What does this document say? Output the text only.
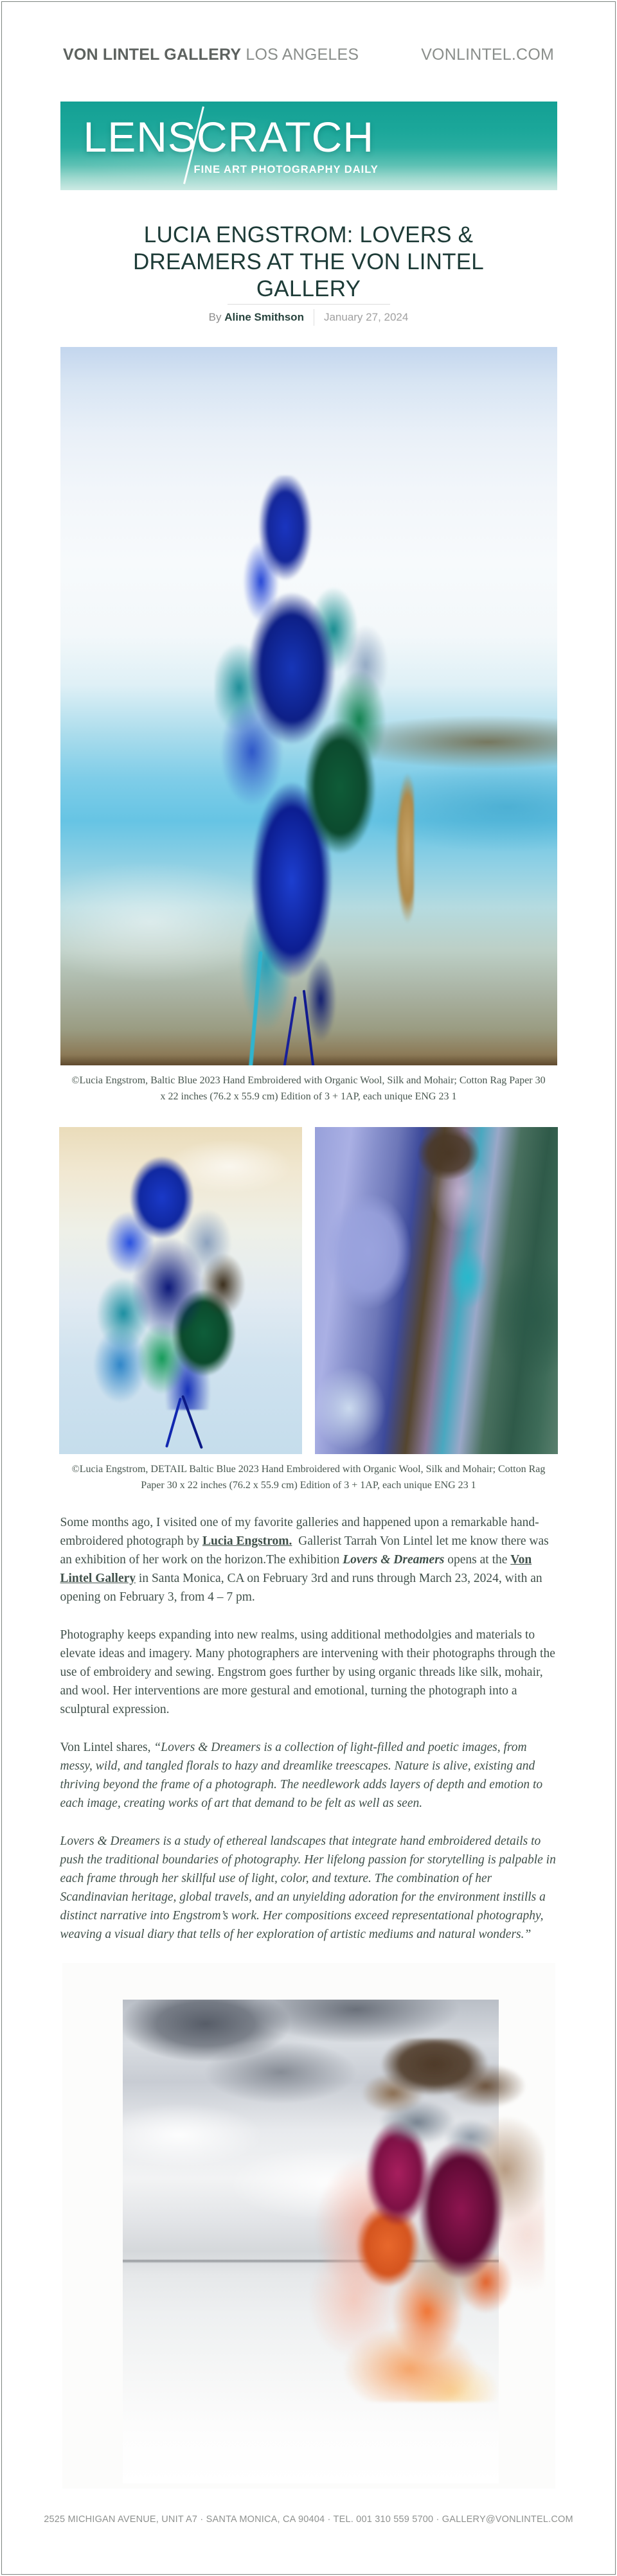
VON LINTEL GALLERY LOS ANGELES	VONLINTEL.COM
LENSCRATCH
FINE ART PHOTOGRAPHY DAILY
LUCIA ENGSTROM: LOVERS &
DREAMERS AT THE VON LINTEL
GALLERY
By Aline Smithson January 27, 2024
©Lucia Engstrom, Baltic Blue 2023 Hand Embroidered with Organic Wool, Silk and Mohair; Cotton Rag Paper 30 x 22 inches (76.2 x 55.9 cm) Edition of 3 + 1AP, each unique ENG 23 1
©Lucia Engstrom, DETAIL Baltic Blue 2023 Hand Embroidered with Organic Wool, Silk and Mohair; Cotton Rag Paper 30 x 22 inches (76.2 x 55.9 cm) Edition of 3 + 1AP, each unique ENG 23 1

Some months ago, I visited one of my favorite galleries and happened upon a remarkable hand-embroidered photograph by Lucia Engstrom.  Gallerist Tarrah Von Lintel let me know there was an exhibition of her work on the horizon.The exhibition Lovers & Dreamers opens at the Von Lintel Gallery in Santa Monica, CA on February 3rd and runs through March 23, 2024, with an opening on February 3, from 4 – 7 pm.

Photography keeps expanding into new realms, using additional methodolgies and materials to elevate ideas and imagery. Many photographers are intervening with their photographs through the use of embroidery and sewing. Engstrom goes further by using organic threads like silk, mohair, and wool. Her interventions are more gestural and emotional, turning the photograph into a sculptural expression.

Von Lintel shares, “Lovers & Dreamers is a collection of light-filled and poetic images, from messy, wild, and tangled florals to hazy and dreamlike treescapes. Nature is alive, existing and thriving beyond the frame of a photograph. The needlework adds layers of depth and emotion to each image, creating works of art that demand to be felt as well as seen.

Lovers & Dreamers is a study of ethereal landscapes that integrate hand embroidered details to push the traditional boundaries of photography. Her lifelong passion for storytelling is palpable in each frame through her skillful use of light, color, and texture. The combination of her Scandinavian heritage, global travels, and an unyielding adoration for the environment instills a distinct narrative into Engstrom’s work. Her compositions exceed representational photography, weaving a visual diary that tells of her exploration of artistic mediums and natural wonders.”

2525 MICHIGAN AVENUE, UNIT A7 · SANTA MONICA, CA 90404 · TEL. 001 310 559 5700 · GALLERY@VONLINTEL.COM
